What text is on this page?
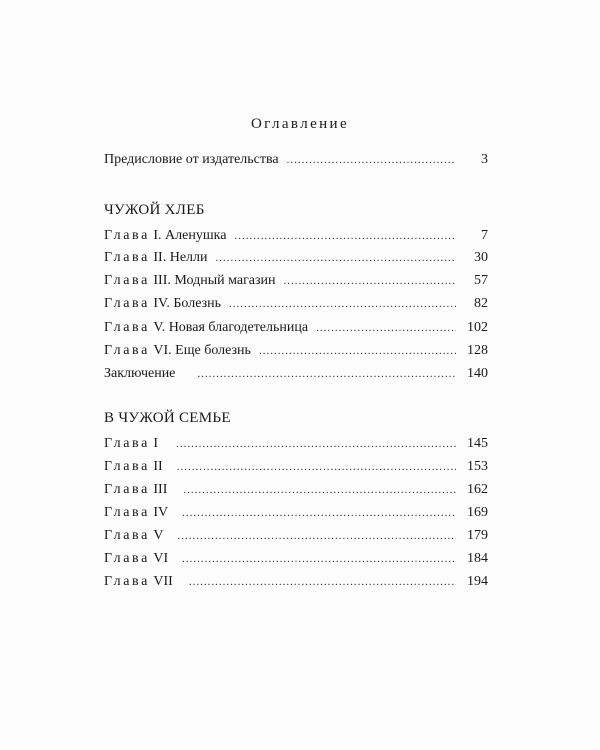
Оглавление
Предисловие от издательства .....	3
ЧУЖОЙ ХЛЕБ
Глава I. Аленушка .....	7
Глава II. Нелли .....	30
Глава III. Модный магазин .....	57
Глава IV. Болезнь .....	82
Глава V. Новая благодетельница .....	102
Глава VI. Еще болезнь .....	128
Заключение .....	140
В ЧУЖОЙ СЕМЬЕ
Глава I .....	145
Глава II .....	153
Глава III .....	162
Глава IV .....	169
Глава V .....	179
Глава VI .....	184
Глава VII .....	194
